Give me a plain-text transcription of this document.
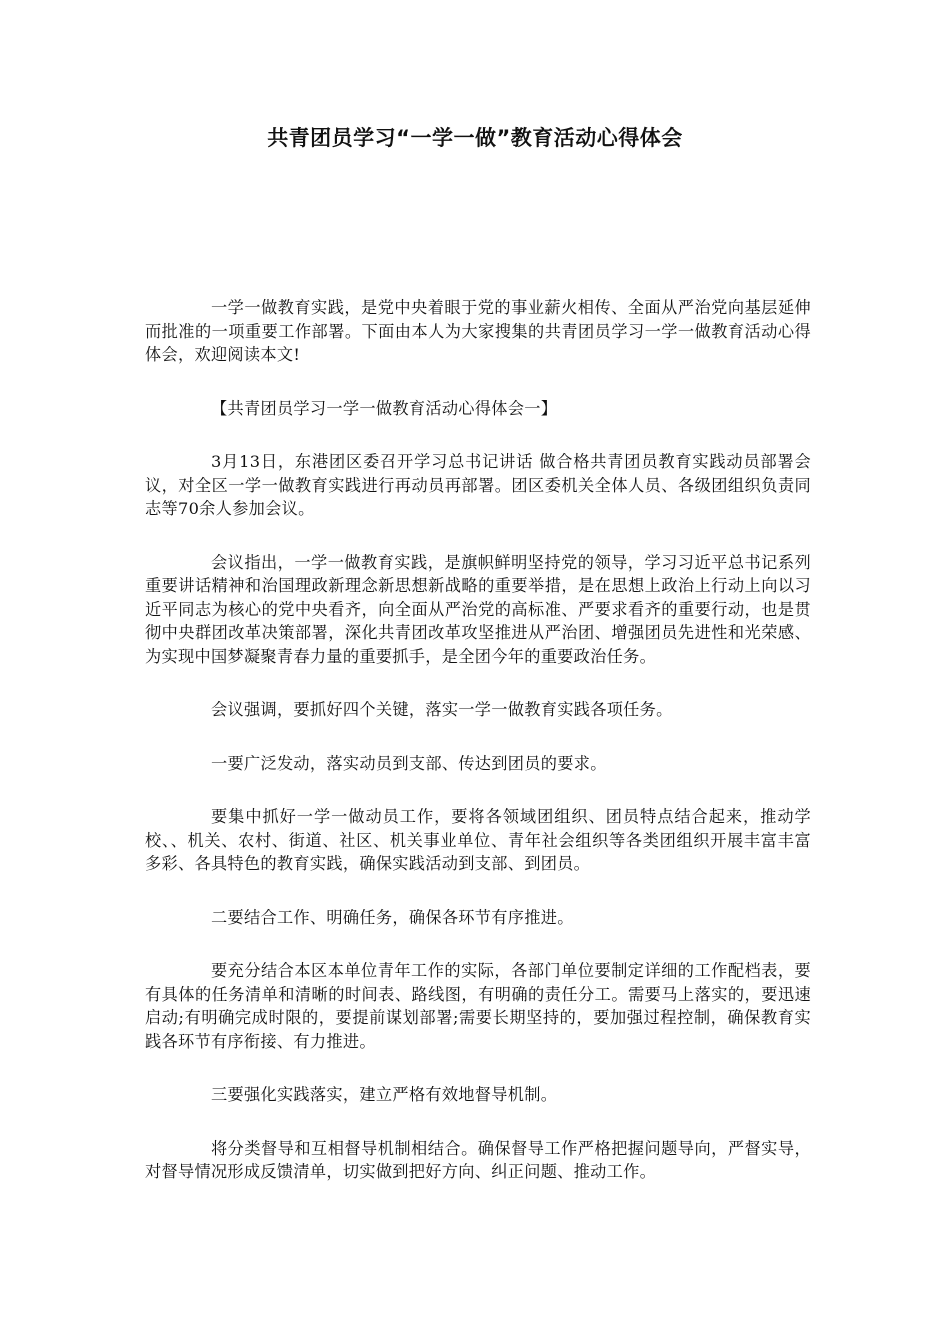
共青团员学习“一学一做”教育活动心得体会

一学一做教育实践，是党中央着眼于党的事业薪火相传、全面从严治党向基层延伸而批准的一项重要工作部署。下面由本人为大家搜集的共青团员学习一学一做教育活动心得体会，欢迎阅读本文!

【共青团员学习一学一做教育活动心得体会一】

3月13日，东港团区委召开学习总书记讲话 做合格共青团员教育实践动员部署会议，对全区一学一做教育实践进行再动员再部署。团区委机关全体人员、各级团组织负责同志等70余人参加会议。

会议指出，一学一做教育实践，是旗帜鲜明坚持党的领导，学习习近平总书记系列重要讲话精神和治国理政新理念新思想新战略的重要举措，是在思想上政治上行动上向以习近平同志为核心的党中央看齐，向全面从严治党的高标准、严要求看齐的重要行动，也是贯彻中央群团改革决策部署，深化共青团改革攻坚推进从严治团、增强团员先进性和光荣感、为实现中国梦凝聚青春力量的重要抓手，是全团今年的重要政治任务。

会议强调，要抓好四个关键，落实一学一做教育实践各项任务。

一要广泛发动，落实动员到支部、传达到团员的要求。

要集中抓好一学一做动员工作，要将各领域团组织、团员特点结合起来，推动学校、、机关、农村、街道、社区、机关事业单位、青年社会组织等各类团组织开展丰富丰富多彩、各具特色的教育实践，确保实践活动到支部、到团员。

二要结合工作、明确任务，确保各环节有序推进。

要充分结合本区本单位青年工作的实际，各部门单位要制定详细的工作配档表，要有具体的任务清单和清晰的时间表、路线图，有明确的责任分工。需要马上落实的，要迅速启动;有明确完成时限的，要提前谋划部署;需要长期坚持的，要加强过程控制，确保教育实践各环节有序衔接、有力推进。

三要强化实践落实，建立严格有效地督导机制。

将分类督导和互相督导机制相结合。确保督导工作严格把握问题导向，严督实导，对督导情况形成反馈清单，切实做到把好方向、纠正问题、推动工作。
